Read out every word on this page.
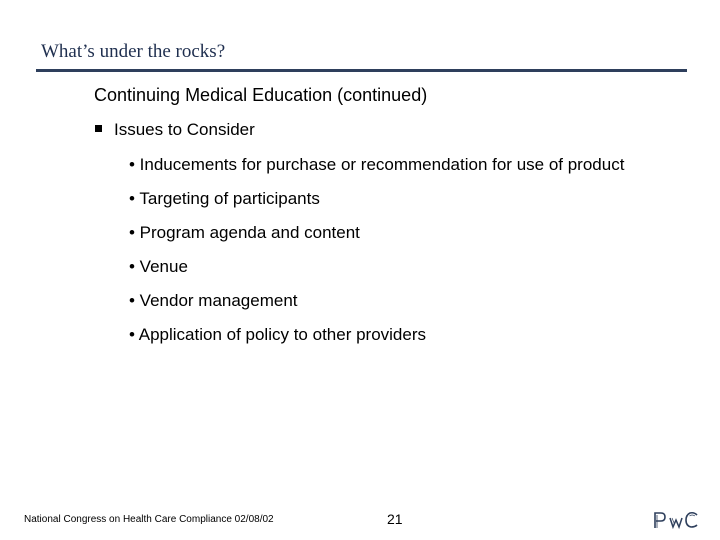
What’s under the rocks?
Continuing Medical Education (continued)
Issues to Consider
• Inducements for purchase or recommendation for use of product
• Targeting of participants
• Program agenda and content
• Venue
• Vendor management
• Application of policy to other providers
National Congress on Health Care Compliance 02/08/02	21
